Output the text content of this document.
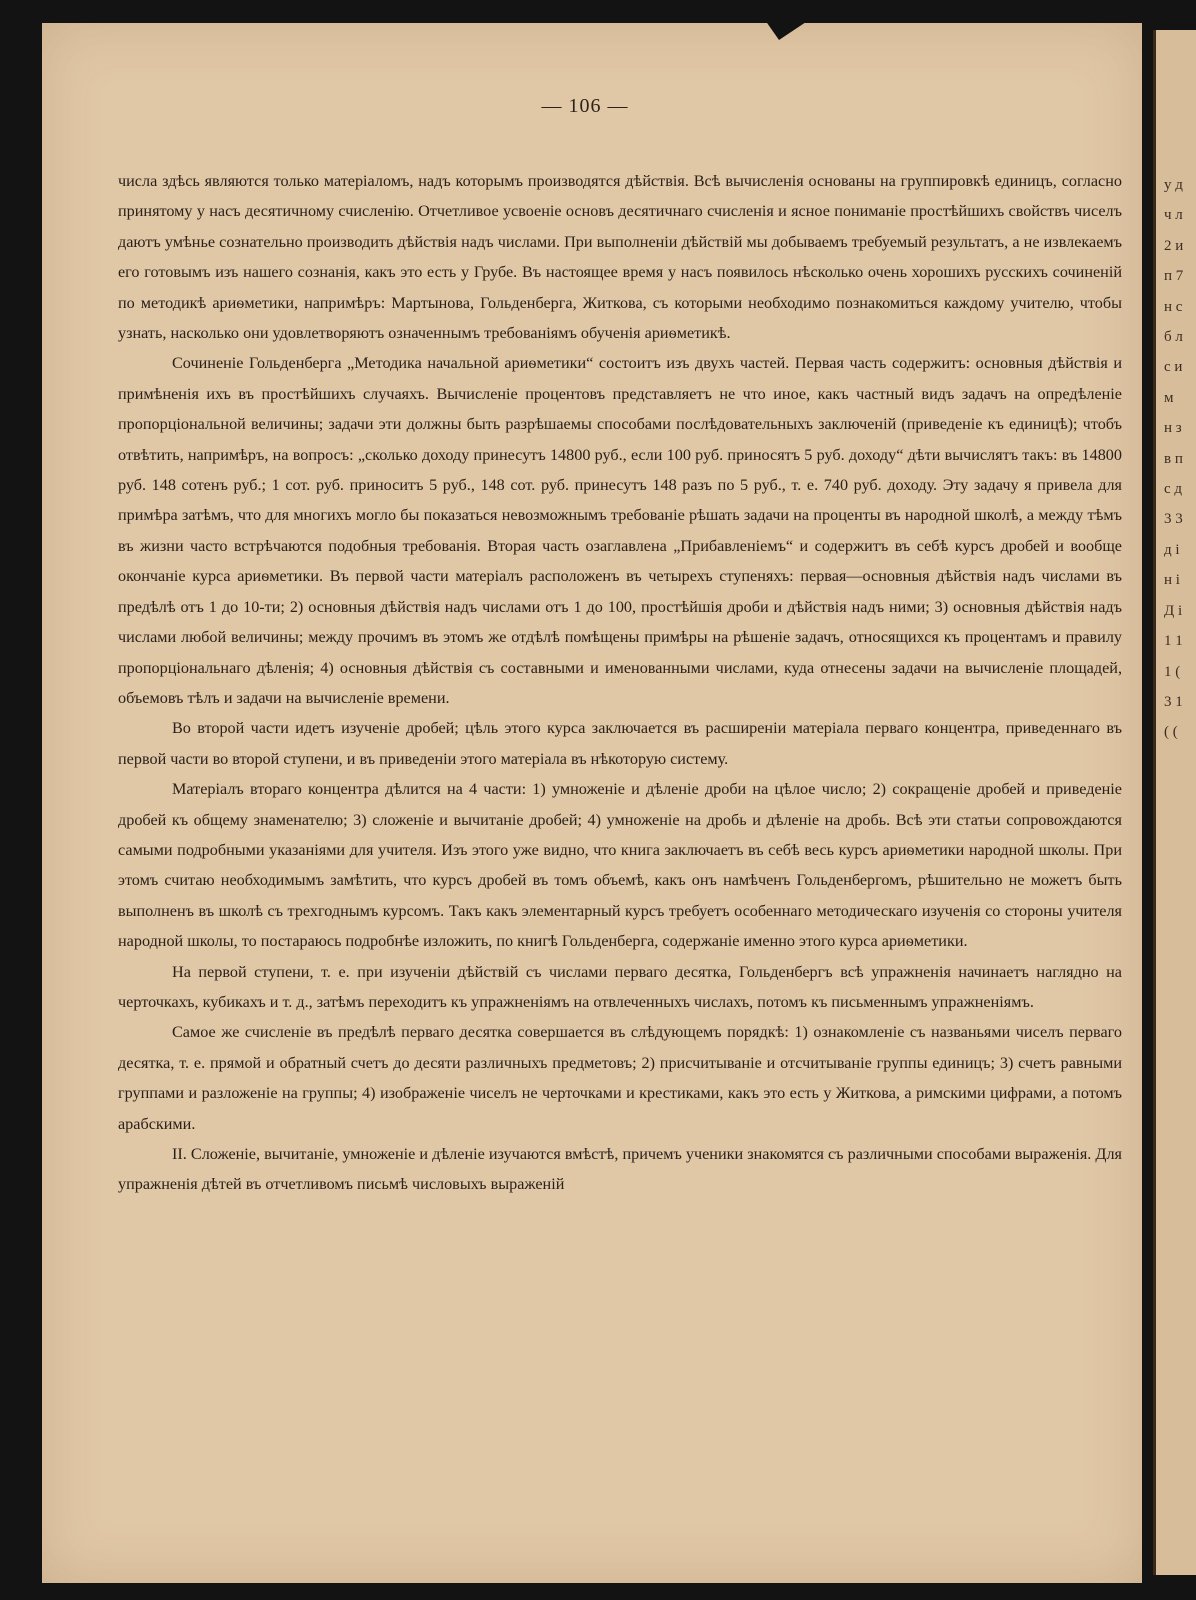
у д ч л 2 и п 7 н с б л с и м н з в п с д 3 3 д і н і Д і 1 1 1 ( 3 1 ( (
— 106 —

числа здѣсь являются только матеріаломъ, надъ которымъ производятся дѣйствія. Всѣ вычисленія основаны на группировкѣ единицъ, согласно принятому у насъ десятичному счисленію. Отчетливое усвоеніе основъ десятичнаго счисленія и ясное пониманіе простѣйшихъ свойствъ чиселъ даютъ умѣнье сознательно производить дѣйствія надъ числами. При выполненіи дѣйствій мы добываемъ требуемый результатъ, а не извлекаемъ его готовымъ изъ нашего сознанія, какъ это есть у Грубе. Въ настоящее время у насъ появилось нѣсколько очень хорошихъ русскихъ сочиненій по методикѣ ариѳметики, напримѣръ: Мартынова, Гольденберга, Житкова, съ которыми необходимо познакомиться каждому учителю, чтобы узнать, насколько они удовлетворяютъ означеннымъ требованіямъ обученія ариѳметикѣ.

Сочиненіе Гольденберга „Методика начальной ариѳметики“ состоитъ изъ двухъ частей. Первая часть содержитъ: основныя дѣйствія и примѣненія ихъ въ простѣйшихъ случаяхъ. Вычисленіе процентовъ представляетъ не что иное, какъ частный видъ задачъ на опредѣленіе пропорціональной величины; задачи эти должны быть разрѣшаемы способами послѣдовательныхъ заключеній (приведеніе къ единицѣ); чтобъ отвѣтить, напримѣръ, на вопросъ: „сколько доходу принесутъ 14800 руб., если 100 руб. приносятъ 5 руб. доходу“ дѣти вычислятъ такъ: въ 14800 руб. 148 сотенъ руб.; 1 сот. руб. приноситъ 5 руб., 148 сот. руб. принесутъ 148 разъ по 5 руб., т. е. 740 руб. доходу. Эту задачу я привела для примѣра затѣмъ, что для многихъ могло бы показаться невозможнымъ требованіе рѣшать задачи на проценты въ народной школѣ, а между тѣмъ въ жизни часто встрѣчаются подобныя требованія. Вторая часть озаглавлена „Прибавленіемъ“ и содержитъ въ себѣ курсъ дробей и вообще окончаніе курса ариѳметики. Въ первой части матеріалъ расположенъ въ четырехъ ступеняхъ: первая—основныя дѣйствія надъ числами въ предѣлѣ отъ 1 до 10-ти; 2) основныя дѣйствія надъ числами отъ 1 до 100, простѣйшія дроби и дѣйствія надъ ними; 3) основныя дѣйствія надъ числами любой величины; между прочимъ въ этомъ же отдѣлѣ помѣщены примѣры на рѣшеніе задачъ, относящихся къ процентамъ и правилу пропорціональнаго дѣленія; 4) основныя дѣйствія съ составными и именованными числами, куда отнесены задачи на вычисленіе площадей, объемовъ тѣлъ и задачи на вычисленіе времени.

Во второй части идетъ изученіе дробей; цѣль этого курса заключается въ расширеніи матеріала перваго концентра, приведеннаго въ первой части во второй ступени, и въ приведеніи этого матеріала въ нѣкоторую систему.

Матеріалъ втораго концентра дѣлится на 4 части: 1) умноженіе и дѣленіе дроби на цѣлое число; 2) сокращеніе дробей и приведеніе дробей къ общему знаменателю; 3) сложеніе и вычитаніе дробей; 4) умноженіе на дробь и дѣленіе на дробь. Всѣ эти статьи сопровождаются самыми подробными указаніями для учителя. Изъ этого уже видно, что книга заключаетъ въ себѣ весь курсъ ариѳметики народной школы. При этомъ считаю необходимымъ замѣтить, что курсъ дробей въ томъ объемѣ, какъ онъ намѣченъ Гольденбергомъ, рѣшительно не можетъ быть выполненъ въ школѣ съ трехгоднымъ курсомъ. Такъ какъ элементарный курсъ требуетъ особеннаго методическаго изученія со стороны учителя народной школы, то постараюсь подробнѣе изложить, по книгѣ Гольденберга, содержаніе именно этого курса ариѳметики.

На первой ступени, т. е. при изученіи дѣйствій съ числами перваго десятка, Гольденбергъ всѣ упражненія начинаетъ наглядно на черточкахъ, кубикахъ и т. д., затѣмъ переходитъ къ упражненіямъ на отвлеченныхъ числахъ, потомъ къ письменнымъ упражненіямъ.

Самое же счисленіе въ предѣлѣ перваго десятка совершается въ слѣдующемъ порядкѣ: 1) ознакомленіе съ названьями чиселъ перваго десятка, т. е. прямой и обратный счетъ до десяти различныхъ предметовъ; 2) присчитываніе и отсчитываніе группы единицъ; 3) счетъ равными группами и разложеніе на группы; 4) изображеніе чиселъ не черточками и крестиками, какъ это есть у Житкова, а римскими цифрами, а потомъ арабскими.

II. Сложеніе, вычитаніе, умноженіе и дѣленіе изучаются вмѣстѣ, причемъ ученики знакомятся съ различными способами выраженія. Для упражненія дѣтей въ отчетливомъ письмѣ числовыхъ выраженій
